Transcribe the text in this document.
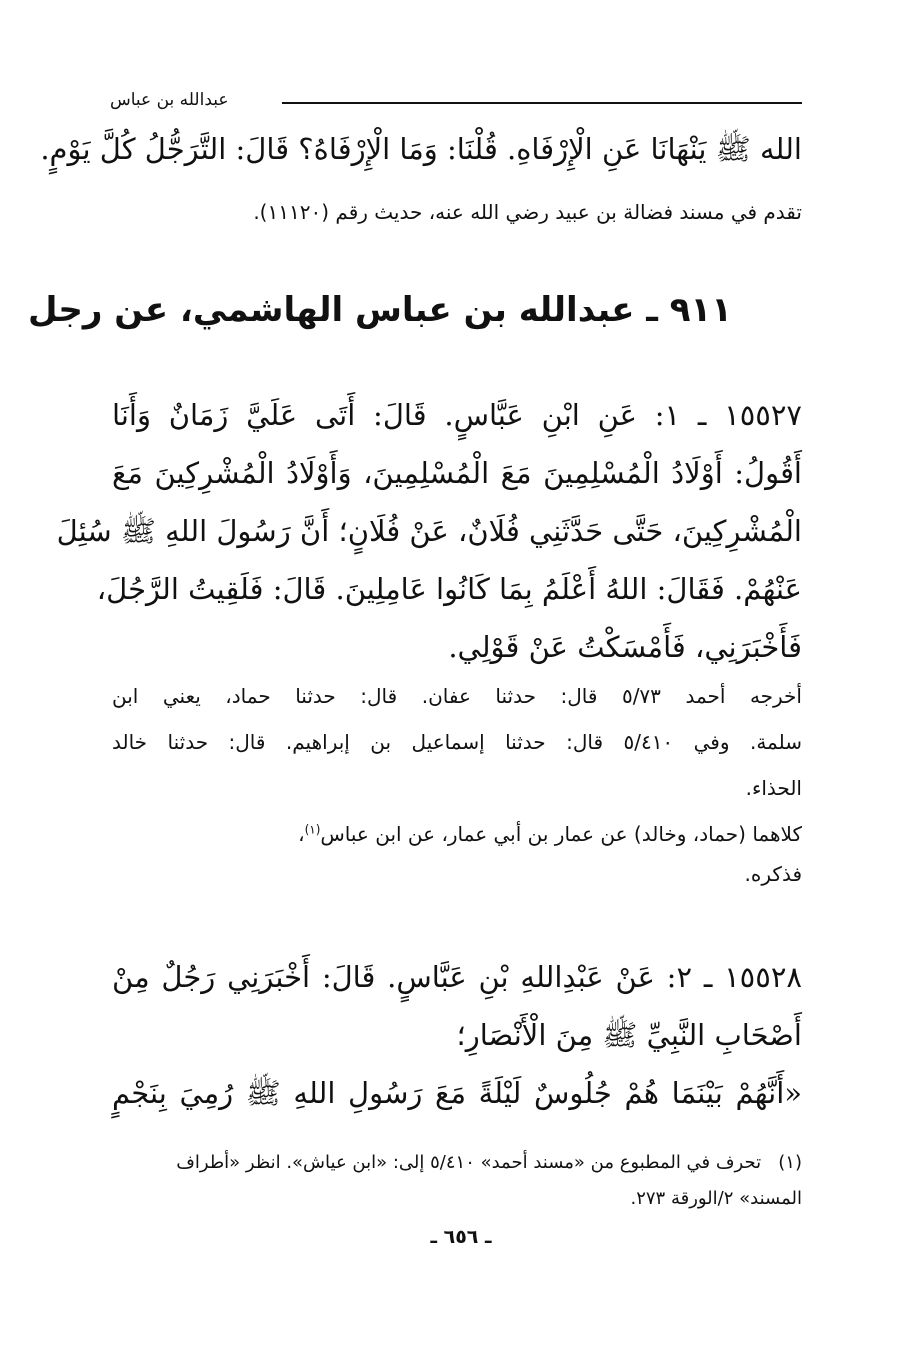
عبدالله بن عباس
الله ﷺ يَنْهَانَا عَنِ الْإِرْفَاهِ. قُلْنَا: وَمَا الْإِرْفَاهُ؟ قَالَ: التَّرَجُّلُ كُلَّ يَوْمٍ.
تقدم في مسند فضالة بن عبيد رضي الله عنه، حديث رقم (١١١٢٠).
٩١١ ـ عبدالله بن عباس الهاشمي، عن رجل
١٥٥٢٧ ـ ١: عَنِ ابْنِ عَبَّاسٍ. قَالَ: أَتَى عَلَيَّ زَمَانٌ وَأَنَا
أَقُولُ: أَوْلَادُ الْمُسْلِمِينَ مَعَ الْمُسْلِمِينَ، وَأَوْلَادُ الْمُشْرِكِينَ مَعَ
الْمُشْرِكِينَ، حَتَّى حَدَّثَنِي فُلَانٌ، عَنْ فُلَانٍ؛ أَنَّ رَسُولَ اللهِ ﷺ سُئِلَ
عَنْهُمْ. فَقَالَ: اللهُ أَعْلَمُ بِمَا كَانُوا عَامِلِينَ. قَالَ: فَلَقِيتُ الرَّجُلَ،
فَأَخْبَرَنِي، فَأَمْسَكْتُ عَنْ قَوْلِي.
أخرجه أحمد ٥/٧٣ قال: حدثنا عفان. قال: حدثنا حماد، يعني ابن
سلمة. وفي ٥/٤١٠ قال: حدثنا إسماعيل بن إبراهيم. قال: حدثنا خالد
الحذاء.
كلاهما (حماد، وخالد) عن عمار بن أبي عمار، عن ابن عباس$^{(١)}$،
فذكره.
١٥٥٢٨ ـ ٢: عَنْ عَبْدِاللهِ بْنِ عَبَّاسٍ. قَالَ: أَخْبَرَنِي رَجُلٌ مِنْ
أَصْحَابِ النَّبِيِّ ﷺ مِنَ الْأَنْصَارِ؛
«أَنَّهُمْ بَيْنَمَا هُمْ جُلُوسٌ لَيْلَةً مَعَ رَسُولِ اللهِ ﷺ رُمِيَ بِنَجْمٍ
(١)   تحرف في المطبوع من «مسند أحمد» ٥/٤١٠ إلى: «ابن عياش». انظر «أطراف
المسند» ٢/الورقة ٢٧٣.
ـ ٦٥٦ ـ
